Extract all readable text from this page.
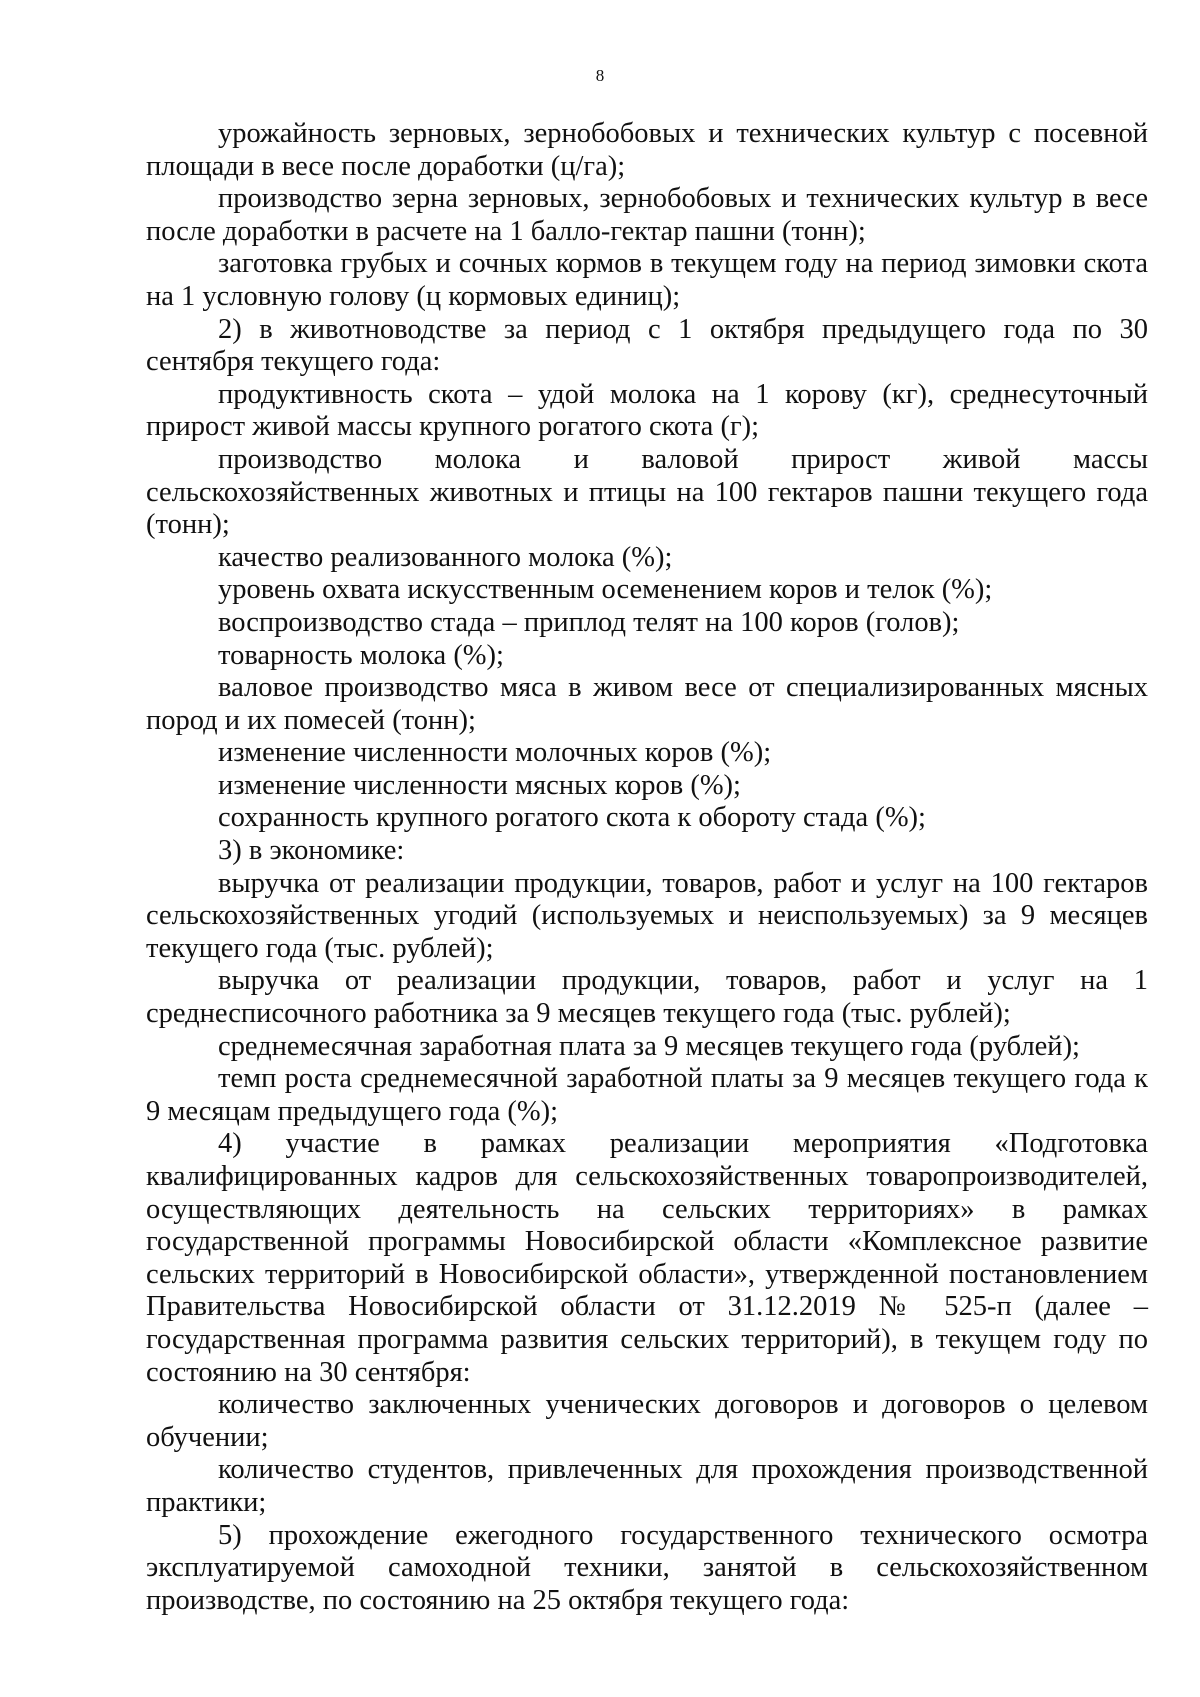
8

урожайность зерновых, зернобобовых и технических культур с посевной площади в весе после доработки (ц/га);

производство зерна зерновых, зернобобовых и технических культур в весе после доработки в расчете на 1 балло-гектар пашни (тонн);

заготовка грубых и сочных кормов в текущем году на период зимовки скота на 1 условную голову (ц кормовых единиц);

2) в животноводстве за период с 1 октября предыдущего года по 30 сентября текущего года:

продуктивность скота – удой молока на 1 корову (кг), среднесуточный прирост живой массы крупного рогатого скота (г);

производство молока и валовой прирост живой массы сельскохозяйственных животных и птицы на 100 гектаров пашни текущего года (тонн);

качество реализованного молока (%);

уровень охвата искусственным осеменением коров и телок (%);

воспроизводство стада – приплод телят на 100 коров (голов);

товарность молока (%);

валовое производство мяса в живом весе от специализированных мясных пород и их помесей (тонн);

изменение численности молочных коров (%);

изменение численности мясных коров (%);

сохранность крупного рогатого скота к обороту стада (%);

3) в экономике:

выручка от реализации продукции, товаров, работ и услуг на 100 гектаров сельскохозяйственных угодий (используемых и неиспользуемых) за 9 месяцев текущего года (тыс. рублей);

выручка от реализации продукции, товаров, работ и услуг на 1 среднесписочного работника за 9 месяцев текущего года (тыс. рублей);

среднемесячная заработная плата за 9 месяцев текущего года (рублей);

темп роста среднемесячной заработной платы за 9 месяцев текущего года к 9 месяцам предыдущего года (%);

4) участие в рамках реализации мероприятия «Подготовка квалифицированных кадров для сельскохозяйственных товаропроизводителей, осуществляющих деятельность на сельских территориях» в рамках государственной программы Новосибирской области «Комплексное развитие сельских территорий в Новосибирской области», утвержденной постановлением Правительства Новосибирской области от 31.12.2019 № 525-п (далее – государственная программа развития сельских территорий), в текущем году по состоянию на 30 сентября:

количество заключенных ученических договоров и договоров о целевом обучении;

количество студентов, привлеченных для прохождения производственной практики;

5) прохождение ежегодного государственного технического осмотра эксплуатируемой самоходной техники, занятой в сельскохозяйственном производстве, по состоянию на 25 октября текущего года:
